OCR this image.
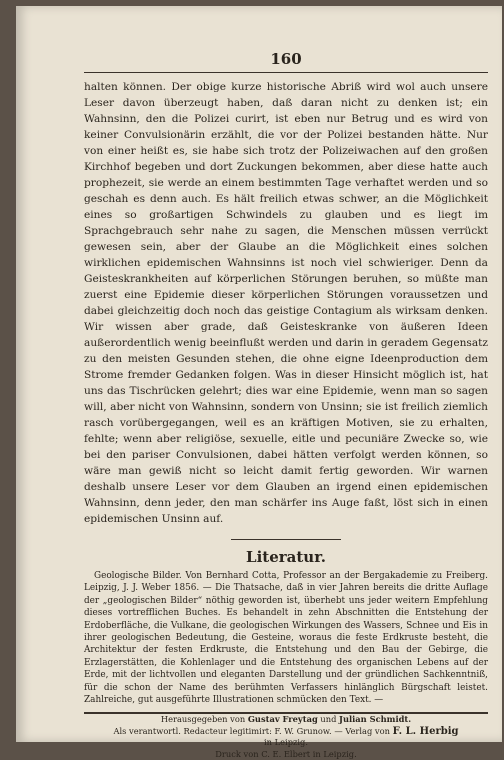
160

halten können. Der obige kurze historische Abriß wird wol auch unsere Leser davon überzeugt haben, daß daran nicht zu denken ist; ein Wahnsinn, den die Polizei curirt, ist eben nur Betrug und es wird von keiner Convulsionärin erzählt, die vor der Polizei bestanden hätte. Nur von einer heißt es, sie habe sich trotz der Polizeiwachen auf den großen Kirchhof begeben und dort Zuckungen bekommen, aber diese hatte auch prophezeit, sie werde an einem bestimmten Tage verhaftet werden und so geschah es denn auch. Es hält freilich etwas schwer, an die Möglichkeit eines so großartigen Schwindels zu glauben und es liegt im Sprachgebrauch sehr nahe zu sagen, die Menschen müssen verrückt gewesen sein, aber der Glaube an die Möglichkeit eines solchen wirklichen epidemischen Wahnsinns ist noch viel schwieriger. Denn da Geisteskrankheiten auf körperlichen Störungen beruhen, so müßte man zuerst eine Epidemie dieser körperlichen Störungen voraussetzen und dabei gleichzeitig doch noch das geistige Contagium als wirksam denken. Wir wissen aber grade, daß Geisteskranke von äußeren Ideen außerordentlich wenig beeinflußt werden und darin in geradem Gegensatz zu den meisten Gesunden stehen, die ohne eigne Ideenproduction dem Strome fremder Gedanken folgen. Was in dieser Hinsicht möglich ist, hat uns das Tischrücken gelehrt; dies war eine Epidemie, wenn man so sagen will, aber nicht von Wahnsinn, sondern von Unsinn; sie ist freilich ziemlich rasch vorübergegangen, weil es an kräftigen Motiven, sie zu erhalten, fehlte; wenn aber religiöse, sexuelle, eitle und pecuniäre Zwecke so, wie bei den pariser Convulsionen, dabei hätten verfolgt werden können, so wäre man gewiß nicht so leicht damit fertig geworden. Wir warnen deshalb unsere Leser vor dem Glauben an irgend einen epidemischen Wahnsinn, denn jeder, den man schärfer ins Auge faßt, löst sich in einen epidemischen Unsinn auf.

Literatur.

Geologische Bilder. Von Bernhard Cotta, Professor an der Bergakademie zu Freiberg. Leipzig, J. J. Weber 1856. — Die Thatsache, daß in vier Jahren bereits die dritte Auflage der „geologischen Bilder“ nöthig geworden ist, überhebt uns jeder weitern Empfehlung dieses vortrefflichen Buches. Es behandelt in zehn Abschnitten die Entstehung der Erdoberfläche, die Vulkane, die geologischen Wirkungen des Wassers, Schnee und Eis in ihrer geologischen Bedeutung, die Gesteine, woraus die feste Erdkruste besteht, die Architektur der festen Erdkruste, die Entstehung und den Bau der Gebirge, die Erzlagerstätten, die Kohlenlager und die Entstehung des organischen Lebens auf der Erde, mit der lichtvollen und eleganten Darstellung und der gründlichen Sachkenntniß, für die schon der Name des berühmten Verfassers hinlänglich Bürgschaft leistet. Zahlreiche, gut ausgeführte Illustrationen schmücken den Text. —

Herausgegeben von Gustav Freytag und Julian Schmidt.
Als verantwortl. Redacteur legitimirt: F. W. Grunow. — Verlag von F. L. Herbig
in Leipzig.
Druck von C. E. Elbert in Leipzig.
